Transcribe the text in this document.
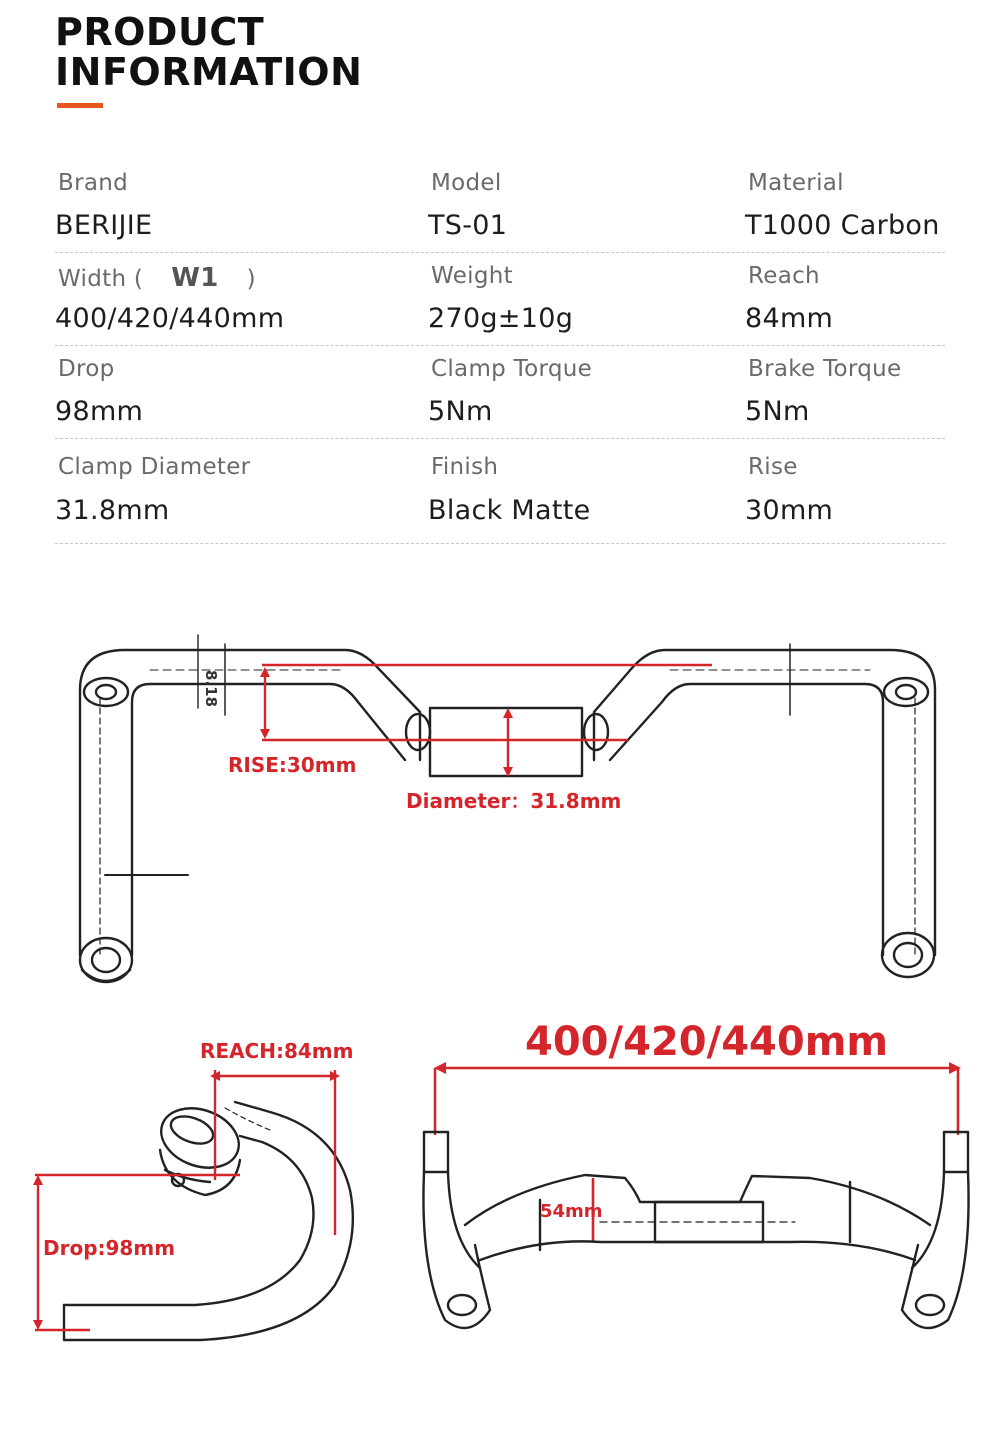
PRODUCT
INFORMATION
Brand
BERIJIE
Model
TS-01
Material
T1000 Carbon
Width ( W1 )
400/420/440mm
Weight
270g±10g
Reach
84mm
Drop
98mm
Clamp Torque
5Nm
Brake Torque
5Nm
Clamp Diameter
31.8mm
Finish
Black Matte
Rise
30mm
8.18
RISE:30mm
Diameter：31.8mm
REACH:84mm
Drop:98mm
400/420/440mm
54mm
